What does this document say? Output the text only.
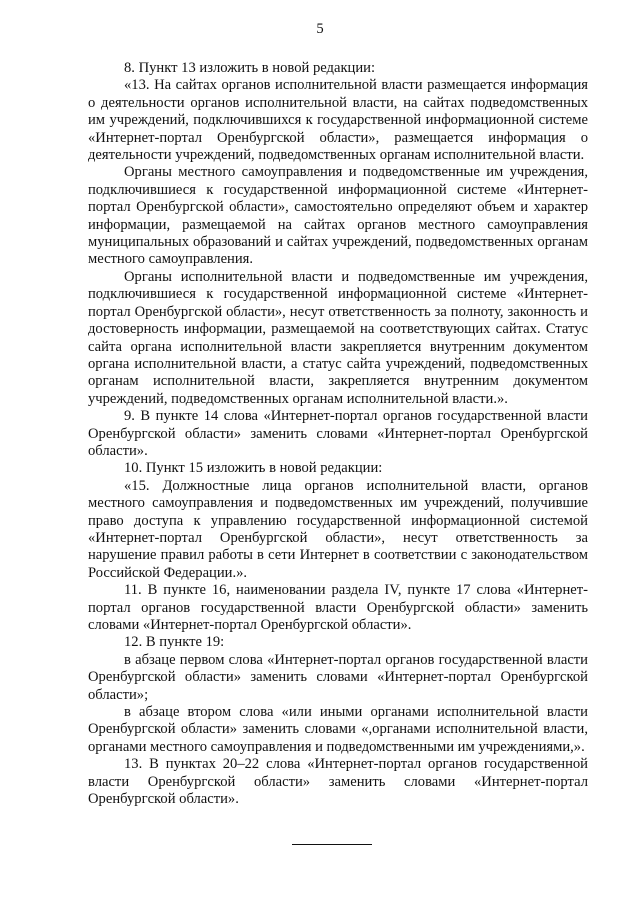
5

8. Пункт 13 изложить в новой редакции:

«13. На сайтах органов исполнительной власти размещается информация о деятельности органов исполнительной власти, на сайтах подведомственных им учреждений, подключившихся к государственной информационной системе «Интернет-портал Оренбургской области», размещается информация о деятельности учреждений, подведомственных органам исполнительной власти.

Органы местного самоуправления и подведомственные им учреждения, подключившиеся к государственной информационной системе «Интернет-портал Оренбургской области», самостоятельно определяют объем и характер информации, размещаемой на сайтах органов местного самоуправления муниципальных образований и сайтах учреждений, подведомственных органам местного самоуправления.

Органы исполнительной власти и подведомственные им учреждения, подключившиеся к государственной информационной системе «Интернет-портал Оренбургской области», несут ответственность за полноту, законность и достоверность информации, размещаемой на соответствующих сайтах. Статус сайта органа исполнительной власти закрепляется внутренним документом органа исполнительной власти, а статус сайта учреждений, подведомственных органам исполнительной власти, закрепляется внутренним документом учреждений, подведомственных органам исполнительной власти.».

9. В пункте 14 слова «Интернет-портал органов государственной власти Оренбургской области» заменить словами «Интернет-портал Оренбургской области».

10. Пункт 15 изложить в новой редакции:

«15. Должностные лица органов исполнительной власти, органов местного самоуправления и подведомственных им учреждений, получившие право доступа к управлению государственной информационной системой «Интернет-портал Оренбургской области», несут ответственность за нарушение правил работы в сети Интернет в соответствии с законодательством Российской Федерации.».

11. В пункте 16, наименовании раздела IV, пункте 17 слова «Интернет-портал органов государственной власти Оренбургской области» заменить словами «Интернет-портал Оренбургской области».

12. В пункте 19:

в абзаце первом слова «Интернет-портал органов государственной власти Оренбургской области» заменить словами «Интернет-портал Оренбургской области»;

в абзаце втором слова «или иными органами исполнительной власти Оренбургской области» заменить словами «,органами исполнительной власти, органами местного самоуправления и подведомственными им учреждениями,».

13. В пунктах 20–22 слова «Интернет-портал органов государственной власти Оренбургской области» заменить словами «Интернет-портал Оренбургской области».
